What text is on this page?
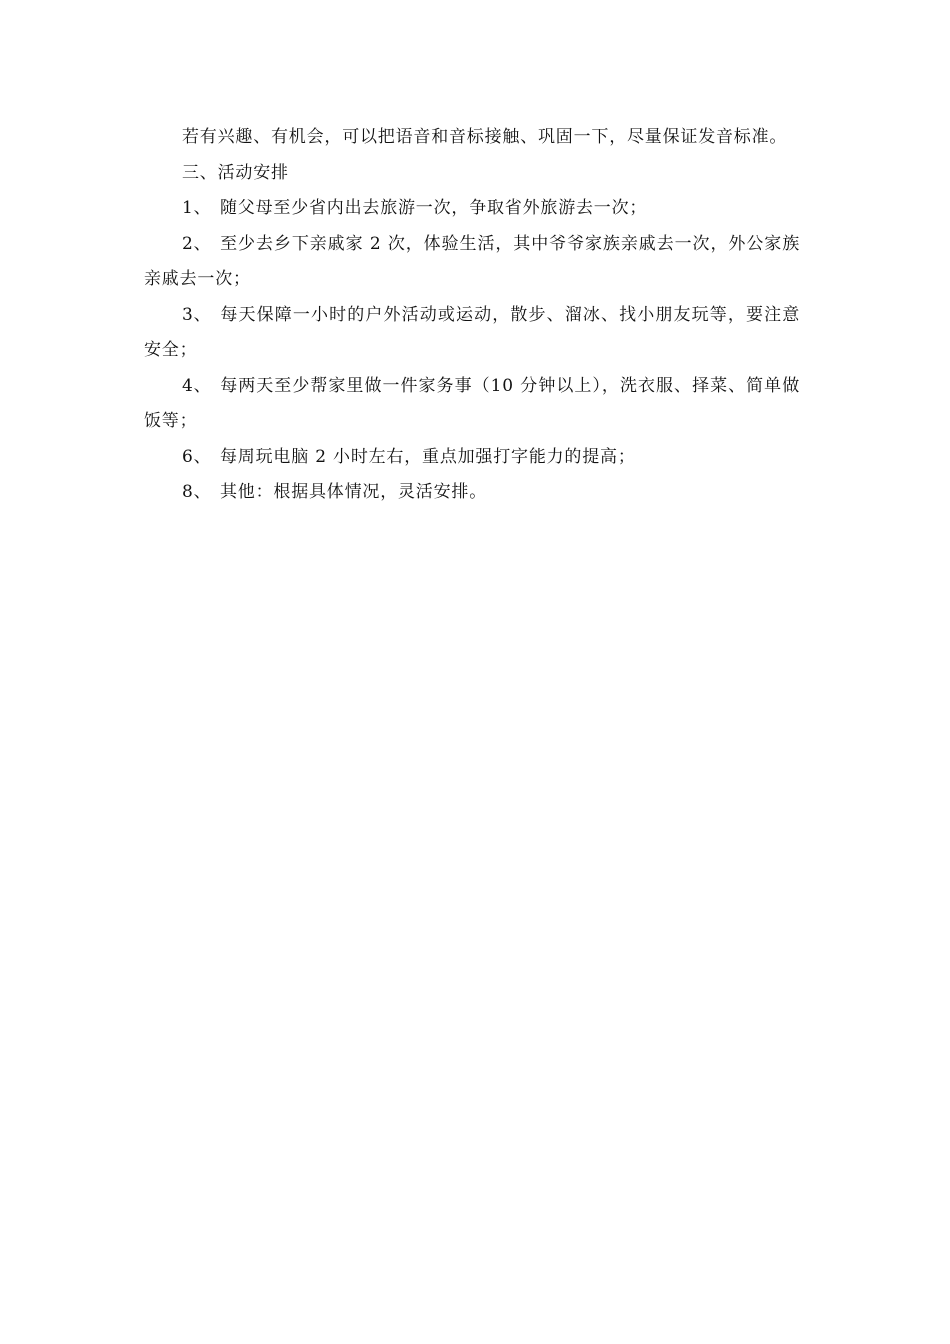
若有兴趣、有机会，可以把语音和音标接触、巩固一下，尽量保证发音标准。

三、活动安排

1、 随父母至少省内出去旅游一次，争取省外旅游去一次；

2、 至少去乡下亲戚家 2 次，体验生活，其中爷爷家族亲戚去一次，外公家族亲戚去一次；

3、 每天保障一小时的户外活动或运动，散步、溜冰、找小朋友玩等，要注意安全；

4、 每两天至少帮家里做一件家务事（10 分钟以上），洗衣服、择菜、简单做饭等；

6、 每周玩电脑 2 小时左右，重点加强打字能力的提高；

8、 其他：根据具体情况，灵活安排。
